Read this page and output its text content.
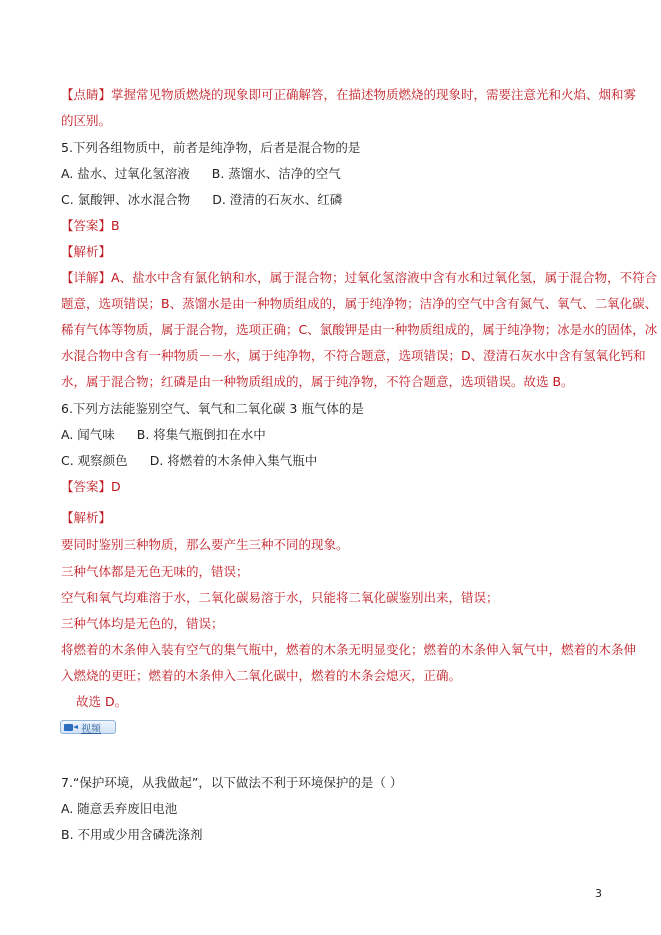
【点睛】掌握常见物质燃烧的现象即可正确解答，在描述物质燃烧的现象时，需要注意光和火焰、烟和雾
的区别。
5.下列各组物质中，前者是纯净物，后者是混合物的是
A. 盐水、过氧化氢溶液 B. 蒸馏水、洁净的空气
C. 氯酸钾、冰水混合物 D. 澄清的石灰水、红磷
【答案】B
【解析】
【详解】A、盐水中含有氯化钠和水，属于混合物；过氧化氢溶液中含有水和过氧化氢，属于混合物，不符合
题意，选项错误；B、蒸馏水是由一种物质组成的，属于纯净物；洁净的空气中含有氮气、氧气、二氧化碳、
稀有气体等物质，属于混合物，选项正确；C、氯酸钾是由一种物质组成的，属于纯净物；冰是水的固体，冰
水混合物中含有一种物质－－水，属于纯净物，不符合题意，选项错误；D、澄清石灰水中含有氢氧化钙和
水，属于混合物；红磷是由一种物质组成的，属于纯净物，不符合题意，选项错误。故选 B。
6.下列方法能鉴别空气、氧气和二氧化碳 3 瓶气体的是
A. 闻气味 B. 将集气瓶倒扣在水中
C. 观察颜色 D. 将燃着的木条伸入集气瓶中
【答案】D
【解析】
要同时鉴别三种物质，那么要产生三种不同的现象。
三种气体都是无色无味的，错误；
空气和氧气均难溶于水，二氧化碳易溶于水，只能将二氧化碳鉴别出来，错误；
三种气体均是无色的，错误；
将燃着的木条伸入装有空气的集气瓶中，燃着的木条无明显变化；燃着的木条伸入氧气中，燃着的木条伸
入燃烧的更旺；燃着的木条伸入二氧化碳中，燃着的木条会熄灭，正确。
故选 D。
视频
7.“保护环境，从我做起”，以下做法不利于环境保护的是（ ）
A. 随意丢弃废旧电池
B. 不用或少用含磷洗涤剂
3
